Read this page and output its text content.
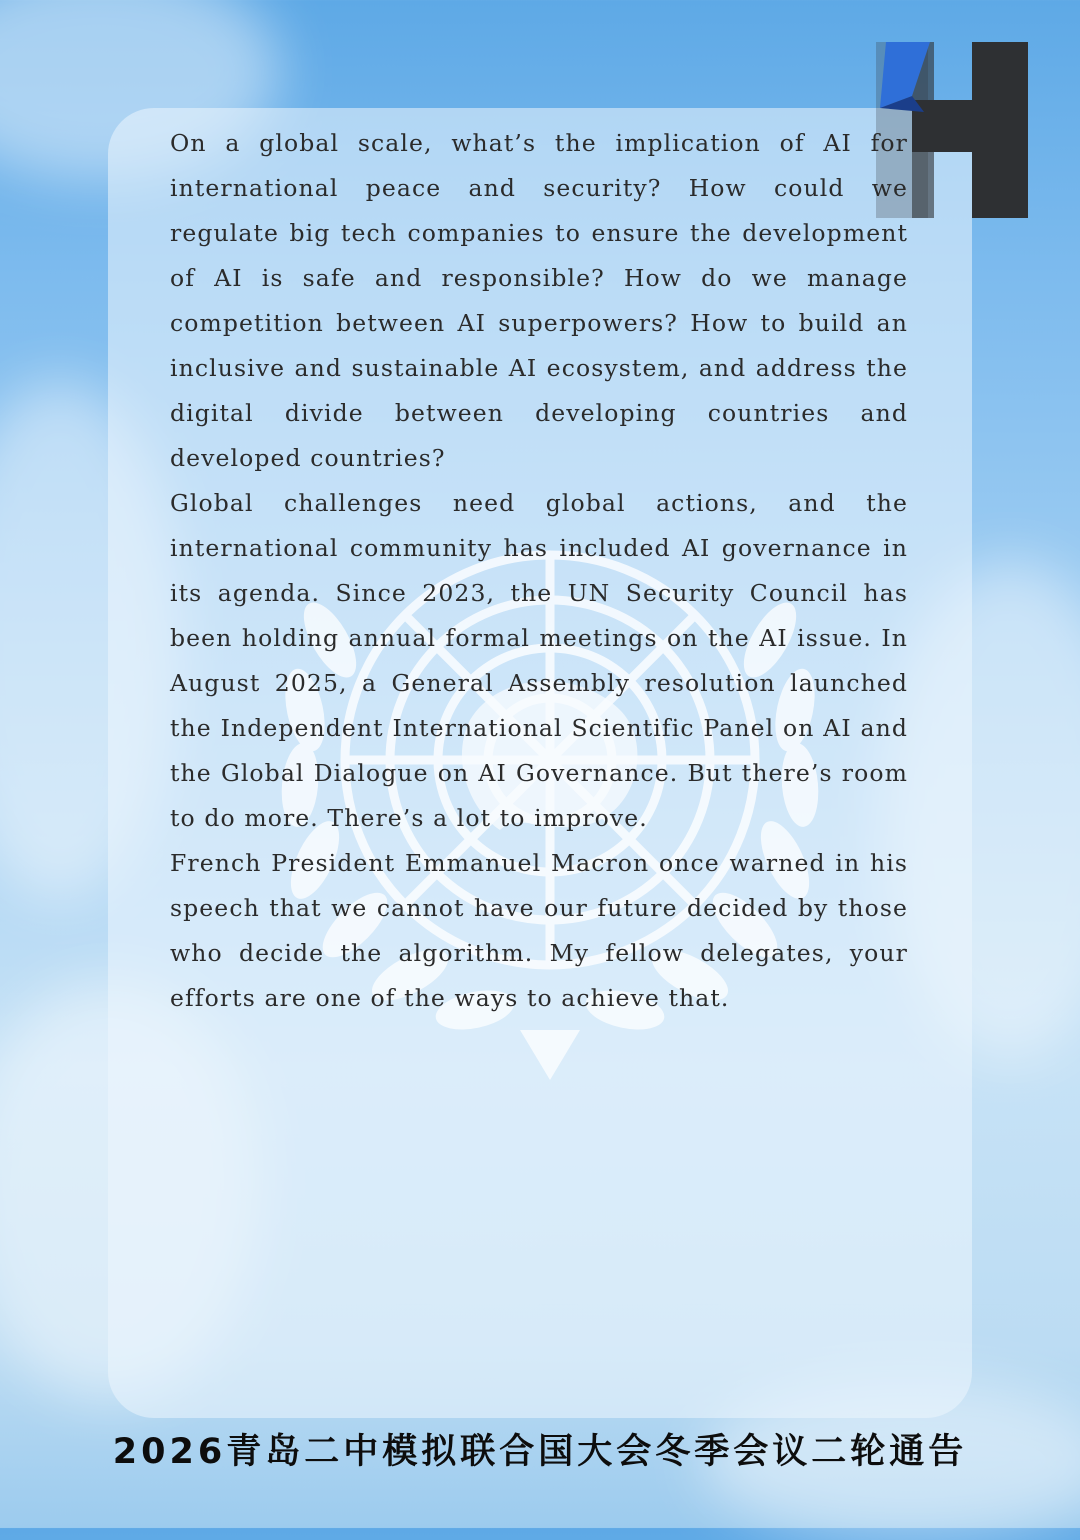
On a global scale, what’s the implication of AI for international peace and security? How could we regulate big tech companies to ensure the development of AI is safe and responsible? How do we manage competition between AI superpowers? How to build an inclusive and sustainable AI ecosystem, and address the digital divide between developing countries and developed countries?

Global challenges need global actions, and the international community has included AI governance in its agenda. Since 2023, the UN Security Council has been holding annual formal meetings on the AI issue. In August 2025, a General Assembly resolution launched the Independent International Scientific Panel on AI and the Global Dialogue on AI Governance. But there’s room to do more. There’s a lot to improve.

French President Emmanuel Macron once warned in his speech that we cannot have our future decided by those who decide the algorithm. My fellow delegates, your efforts are one of the ways to achieve that.

2026青岛二中模拟联合国大会冬季会议二轮通告
